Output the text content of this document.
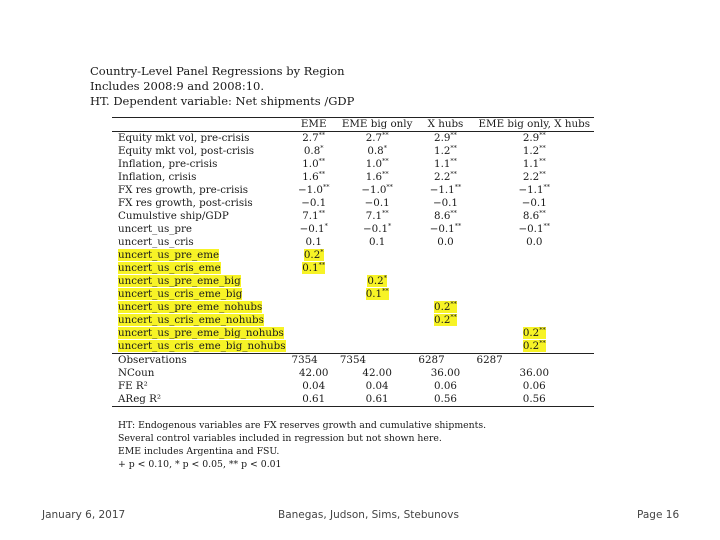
Country-Level Panel Regressions by Region
Includes 2008:9 and 2008:10.
HT. Dependent variable: Net shipments /GDP
	EME	EME big only	X hubs	EME big only, X hubs
Equity mkt vol, pre-crisis	2.7**	2.7**	2.9**	2.9**
Equity mkt vol, post-crisis	0.8*	0.8*	1.2**	1.2**
Inflation, pre-crisis	1.0**	1.0**	1.1**	1.1**
Inflation, crisis	1.6**	1.6**	2.2**	2.2**
FX res growth, pre-crisis	−1.0**	−1.0**	−1.1**	−1.1**
FX res growth, post-crisis	−0.1	−0.1	−0.1	−0.1
Cumulstive ship/GDP	7.1**	7.1**	8.6**	8.6**
uncert_us_pre	−0.1*	−0.1*	−0.1**	−0.1**
uncert_us_cris	0.1	0.1	0.0	0.0
uncert_us_pre_eme	0.2*			
uncert_us_cris_eme	0.1**			
uncert_us_pre_eme_big		0.2*		
uncert_us_cris_eme_big		0.1**		
uncert_us_pre_eme_nohubs			0.2**	
uncert_us_cris_eme_nohubs			0.2**	
uncert_us_pre_eme_big_nohubs				0.2**
uncert_us_cris_eme_big_nohubs				0.2**
Observations	7354	7354	6287	6287
NCoun	42.00	42.00	36.00	36.00
FE R²	0.04	0.04	0.06	0.06
AReg R²	0.61	0.61	0.56	0.56
HT: Endogenous variables are FX reserves growth and cumulative shipments.
Several control variables included in regression but not shown here.
EME includes Argentina and FSU.
+ p < 0.10, * p < 0.05, ** p < 0.01
January 6, 2017	Banegas, Judson, Sims, Stebunovs	Page 16
